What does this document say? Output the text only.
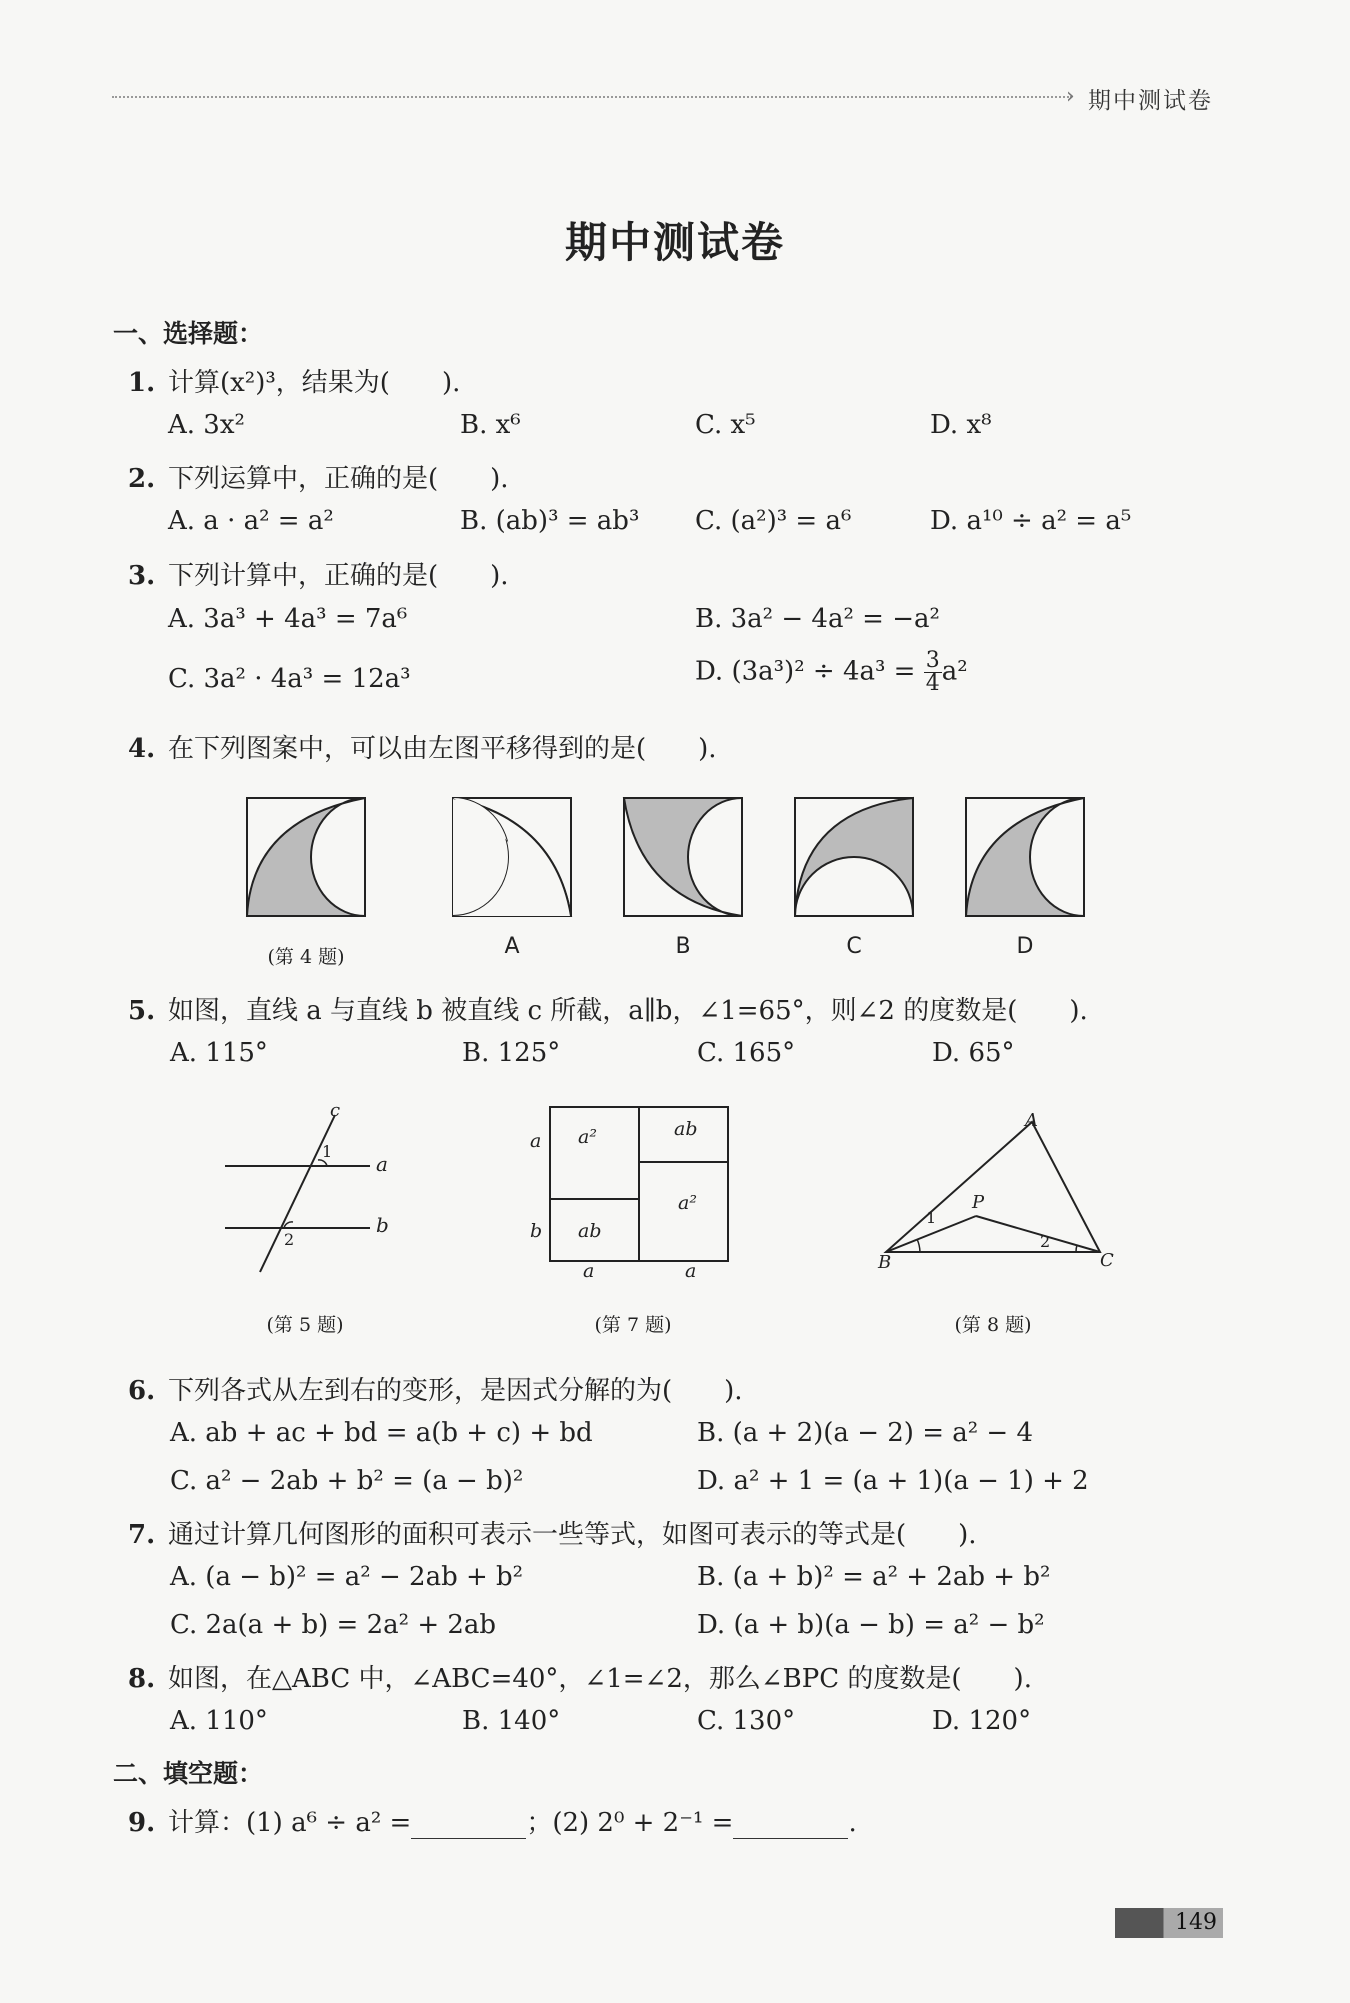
› 期中测试卷
期中测试卷
一、选择题：
1. 计算(x²)³，结果为(　　).
A. 3x²	B. x⁶	C. x⁵	D. x⁸
2. 下列运算中，正确的是(　　).
A. a · a² = a²	B. (ab)³ = ab³ C. (a²)³ = a⁶	D. a¹⁰ ÷ a² = a⁵
3. 下列计算中，正确的是(　　).
A. 3a³ + 4a³ = 7a⁶	B. 3a² − 4a² = −a²
C. 3a² · 4a³ = 12a³	D. $(3a^3)^2 \div 4a^3 = \frac{3}{4} a^2$
4. 在下列图案中，可以由左图平移得到的是(　　).
(第 4 题)	A	B	C	D
5. 如图，直线 a 与直线 b 被直线 c 所截，a∥b，∠1=65°，则∠2 的度数是(　　).
A. 115°	B. 125°	C. 165°	D. 65°
c
a
b
1
2
(第 5 题)
a²	ab
ab
a²
a
b
a	a
(第 7 题)
A
B	C
P
1
2
(第 8 题)
6. 下列各式从左到右的变形，是因式分解的为(　　).
A. ab + ac + bd = a(b + c) + bd	B. (a + 2)(a − 2) = a² − 4
C. a² − 2ab + b² = (a − b)²	D. a² + 1 = (a + 1)(a − 1) + 2
7. 通过计算几何图形的面积可表示一些等式，如图可表示的等式是(　　).
A. (a − b)² = a² − 2ab + b²	B. (a + b)² = a² + 2ab + b²
C. 2a(a + b) = 2a² + 2ab	D. (a + b)(a − b) = a² − b²
8. 如图，在△ABC 中，∠ABC=40°，∠1=∠2，那么∠BPC 的度数是(　　).
A. 110°	B. 140°	C. 130°	D. 120°
二、填空题：
9. 计算：(1) a⁶ ÷ a² =	；(2) 2⁰ + 2⁻¹ =	.
149
